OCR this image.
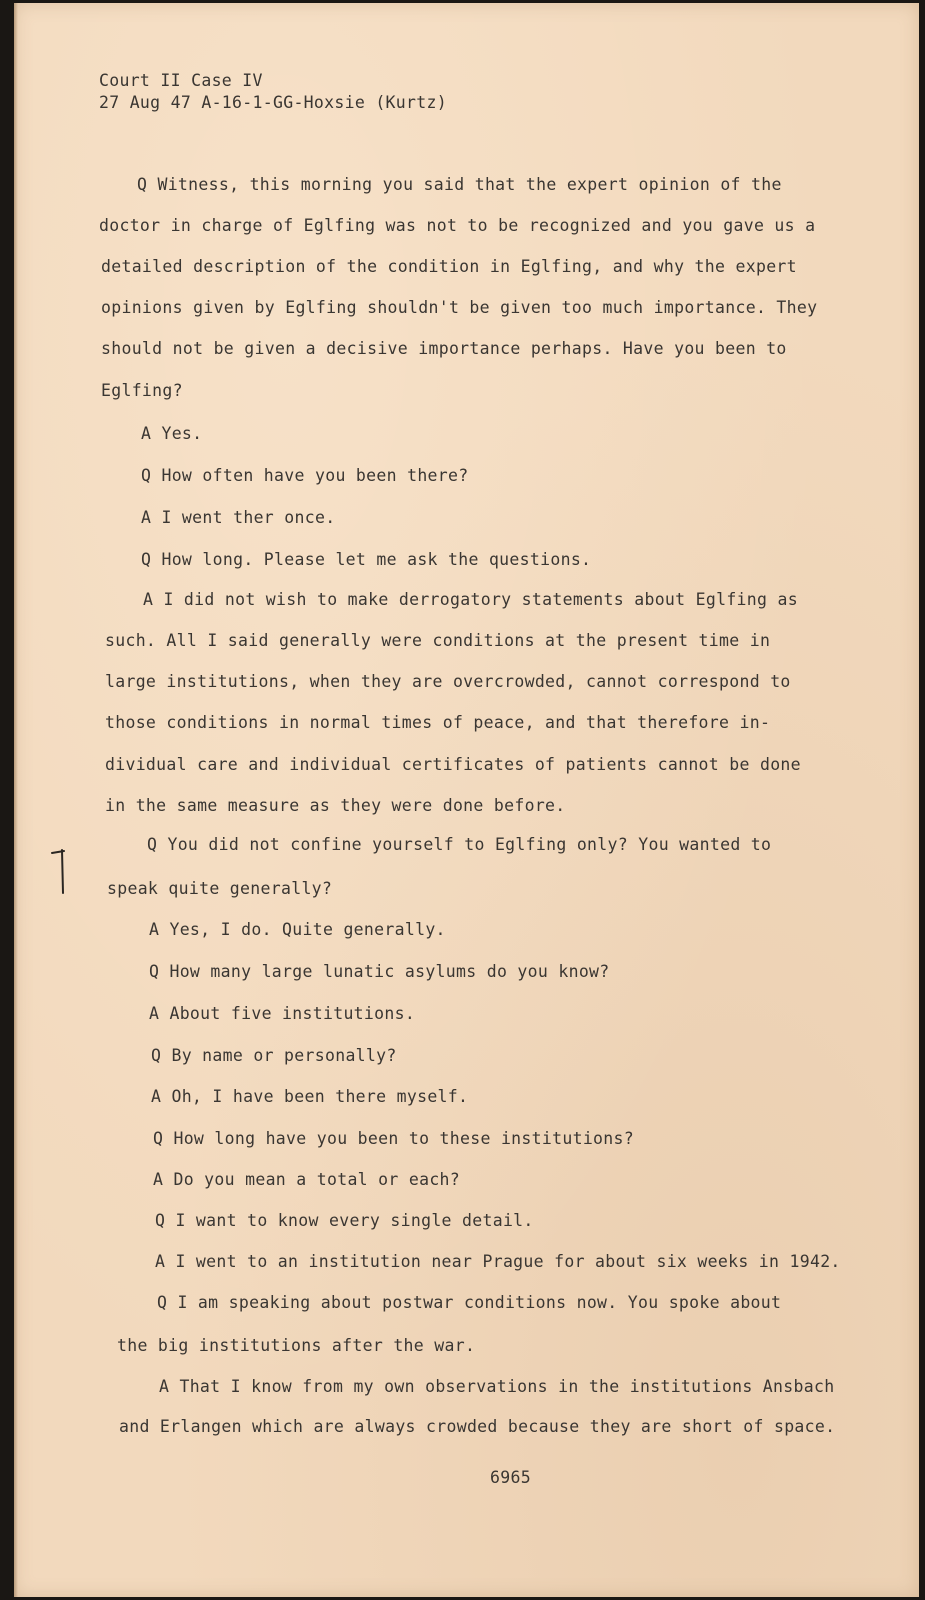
Court II Case IV
27 Aug 47 A-16-1-GG-Hoxsie (Kurtz)
Q Witness, this morning you said that the expert opinion of the
doctor in charge of Eglfing was not to be recognized and you gave us a
detailed description of the condition in Eglfing, and why the expert
opinions given by Eglfing shouldn't be given too much importance. They
should not be given a decisive importance perhaps. Have you been to
Eglfing?
A Yes.
Q How often have you been there?
A I went ther once.
Q How long. Please let me ask the questions.
A I did not wish to make derrogatory statements about Eglfing as
such. All I said generally were conditions at the present time in
large institutions, when they are overcrowded, cannot correspond to
those conditions in normal times of peace, and that therefore in-
dividual care and individual certificates of patients cannot be done
in the same measure as they were done before.
Q You did not confine yourself to Eglfing only? You wanted to
speak quite generally?
A Yes, I do. Quite generally.
Q How many large lunatic asylums do you know?
A About five institutions.
Q By name or personally?
A Oh, I have been there myself.
Q How long have you been to these institutions?
A Do you mean a total or each?
Q I want to know every single detail.
A I went to an institution near Prague for about six weeks in 1942.
Q I am speaking about postwar conditions now. You spoke about
the big institutions after the war.
A That I know from my own observations in the institutions Ansbach
and Erlangen which are always crowded because they are short of space.
6965
